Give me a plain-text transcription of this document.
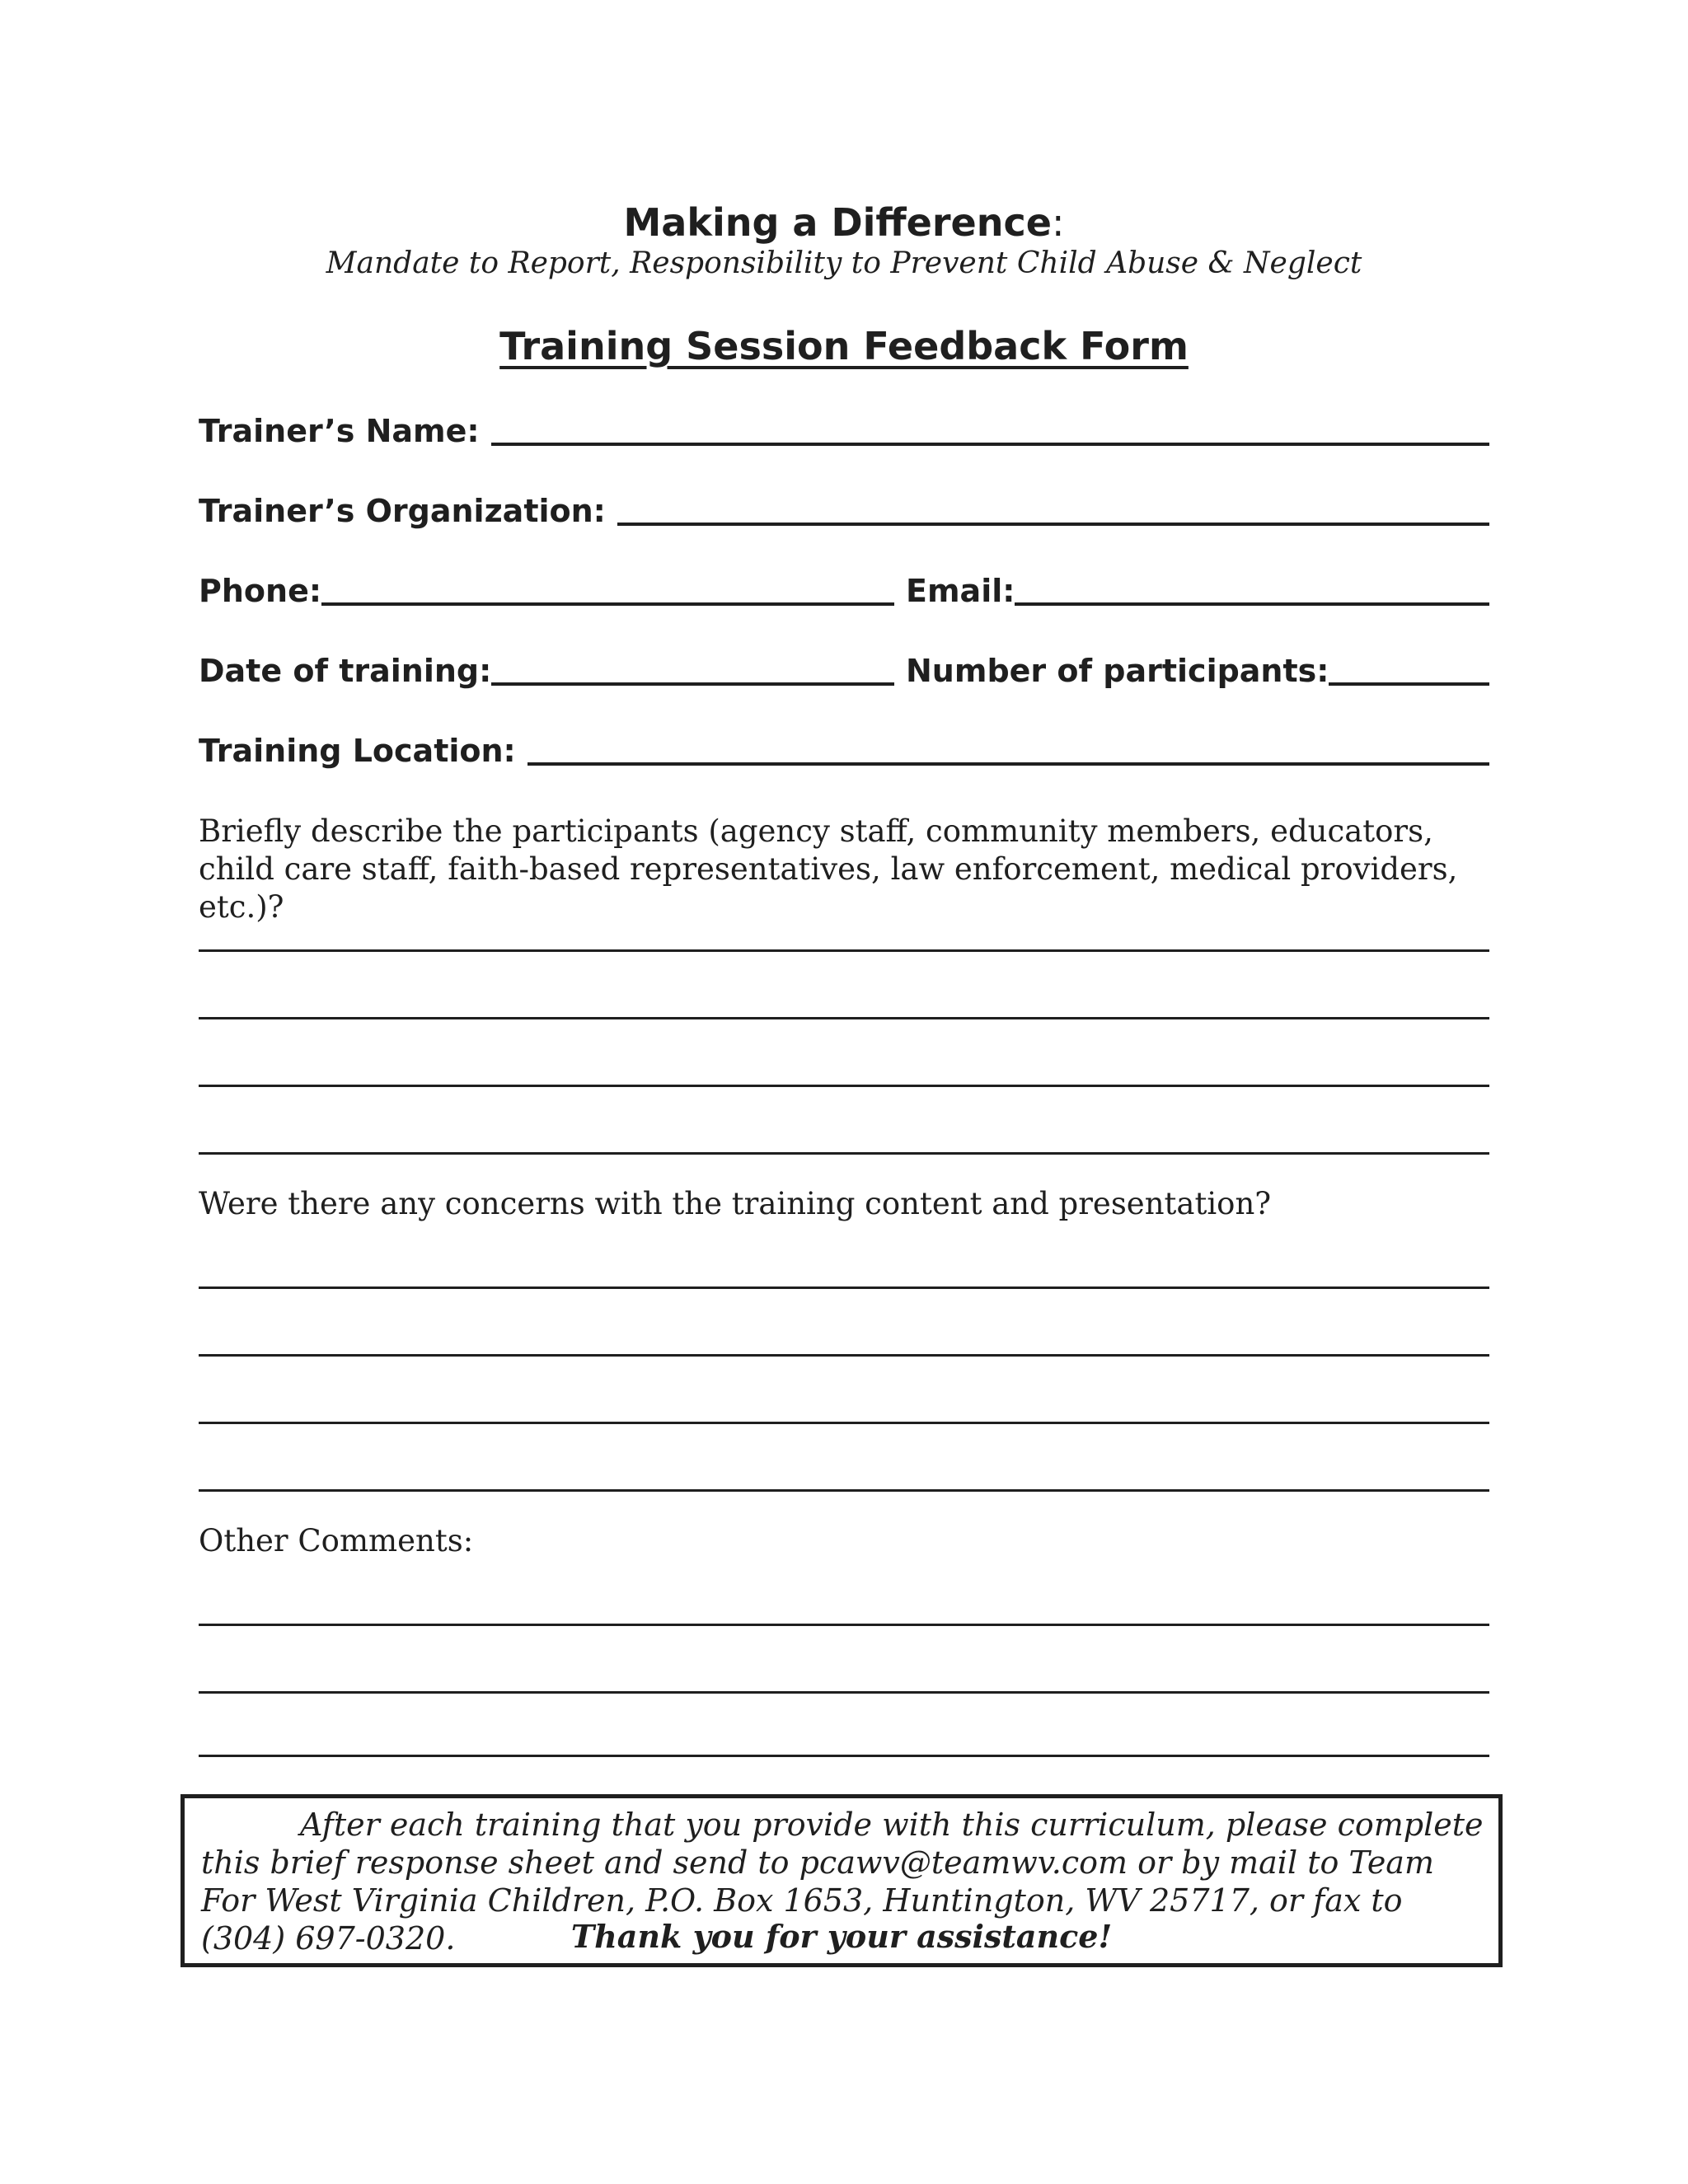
Making a Difference:
Mandate to Report, Responsibility to Prevent Child Abuse & Neglect
Training Session Feedback Form
Trainer’s Name:
Trainer’s Organization:
Phone:	Email:
Date of training:	Number of participants:
Training Location:
Briefly describe the participants (agency staff, community members, educators, child care staff, faith-based representatives, law enforcement, medical providers, etc.)?
Were there any concerns with the training content and presentation?
Other Comments:
After each training that you provide with this curriculum, please complete this brief response sheet and send to pcawv@teamwv.com or by mail to Team For West Virginia Children, P.O. Box 1653, Huntington, WV 25717, or fax to (304) 697-0320.	Thank you for your assistance!
